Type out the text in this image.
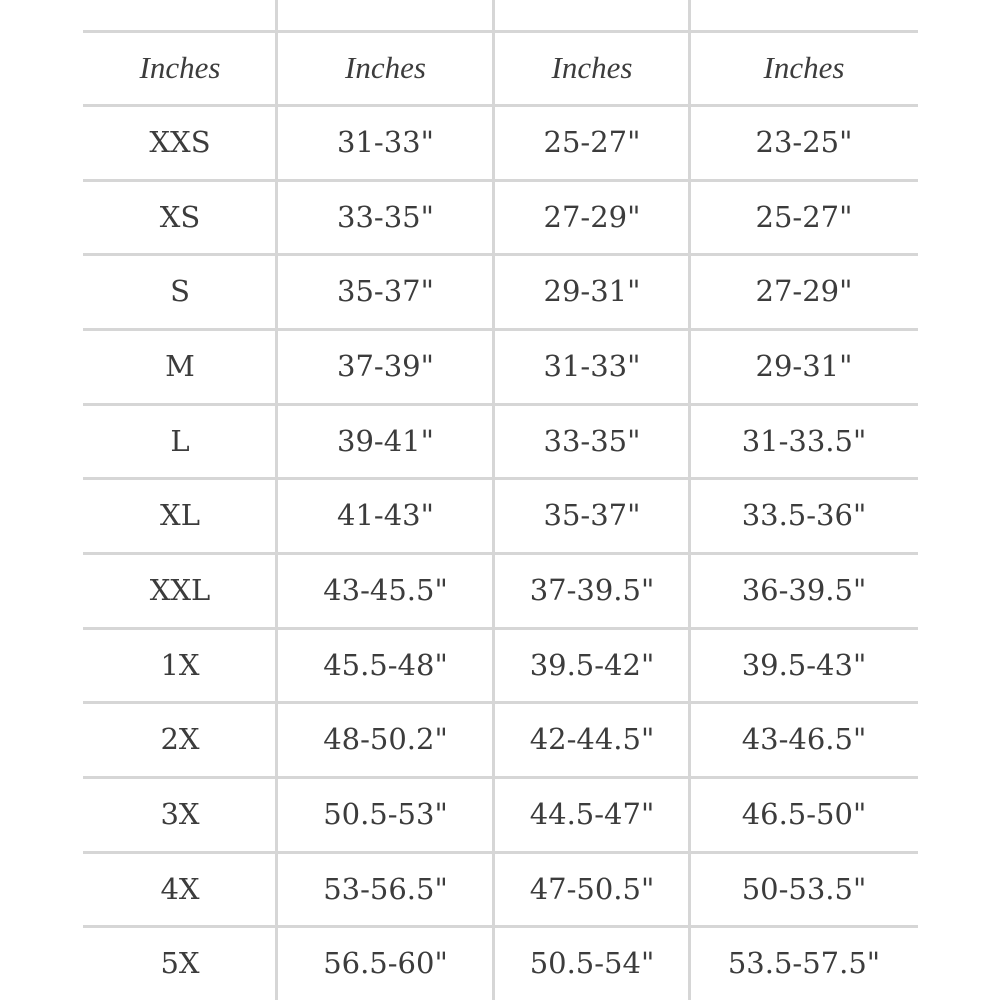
Inches	Inches	Inches	Inches
XXS	31-33"	25-27"	23-25"
XS	33-35"	27-29"	25-27"
S	35-37"	29-31"	27-29"
M	37-39"	31-33"	29-31"
L	39-41"	33-35"	31-33.5"
XL	41-43"	35-37"	33.5-36"
XXL	43-45.5"	37-39.5"	36-39.5"
1X	45.5-48"	39.5-42"	39.5-43"
2X	48-50.2"	42-44.5"	43-46.5"
3X	50.5-53"	44.5-47"	46.5-50"
4X	53-56.5"	47-50.5"	50-53.5"
5X	56.5-60"	50.5-54"	53.5-57.5"
